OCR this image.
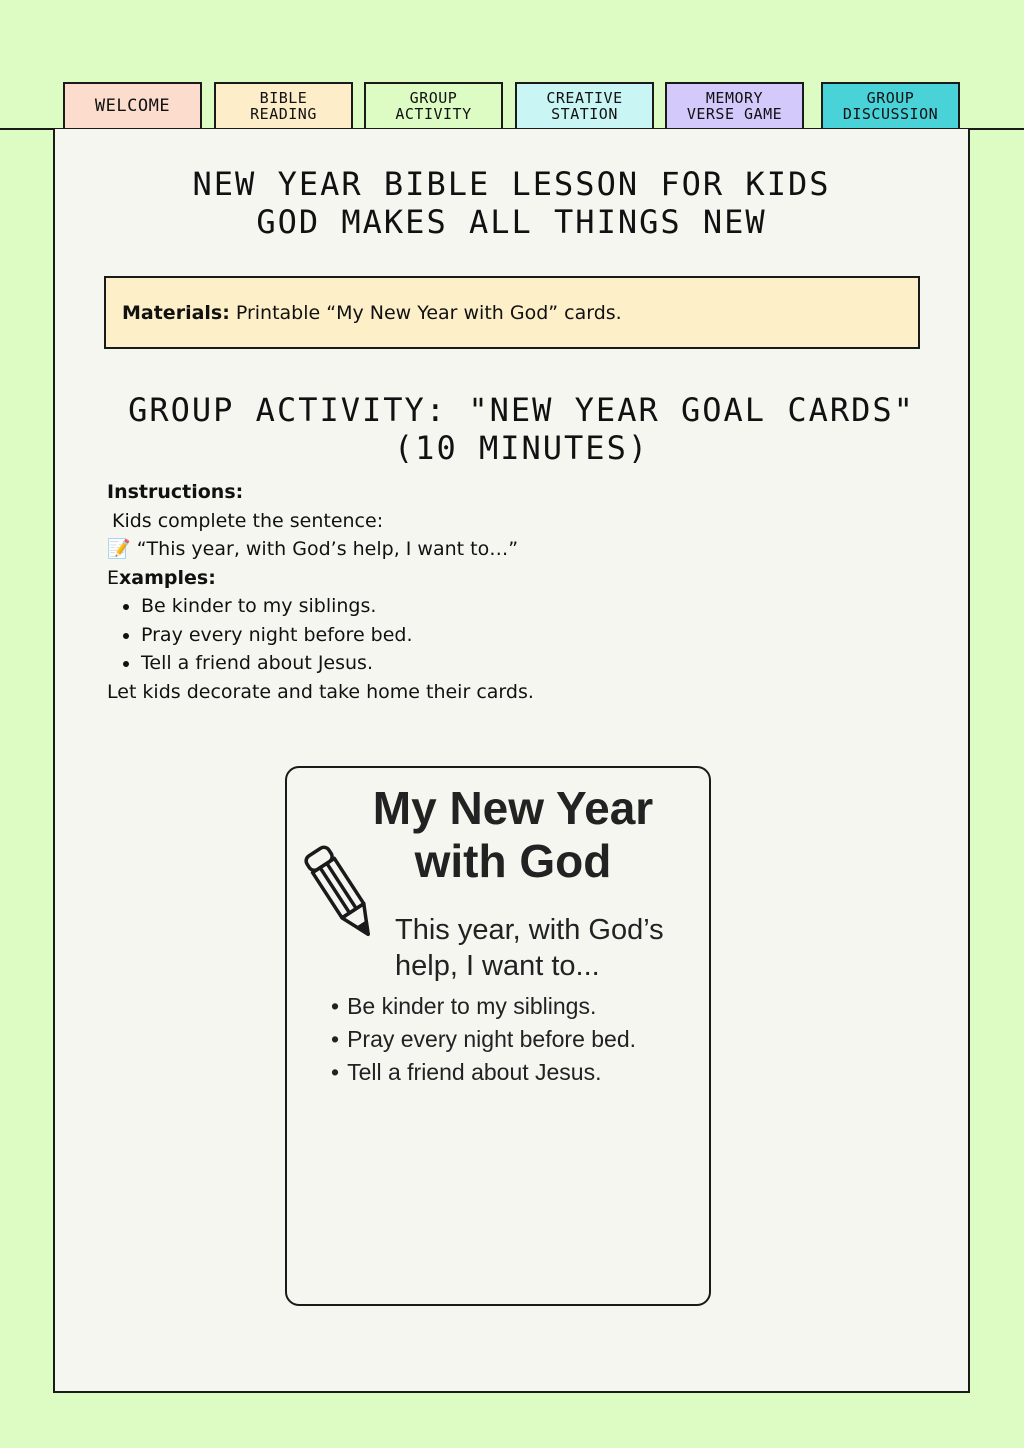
WELCOME	BIBLE
READING
GROUP
ACTIVITY
CREATIVE
STATION
MEMORY
VERSE GAME
GROUP
DISCUSSION
NEW YEAR BIBLE LESSON FOR KIDS
GOD MAKES ALL THINGS NEW
Materials: Printable “My New Year with God” cards.
GROUP ACTIVITY: "NEW YEAR GOAL CARDS"
(10 MINUTES)

Instructions:

Kids complete the sentence:

📝 “This year, with God’s help, I want to…”

Examples:

• Be kinder to my siblings.
• Pray every night before bed.
• Tell a friend about Jesus.

Let kids decorate and take home their cards.

My New Year
with God
This year, with God’s
help, I want to...
• Be kinder to my siblings.
• Pray every night before bed.
• Tell a friend about Jesus.
